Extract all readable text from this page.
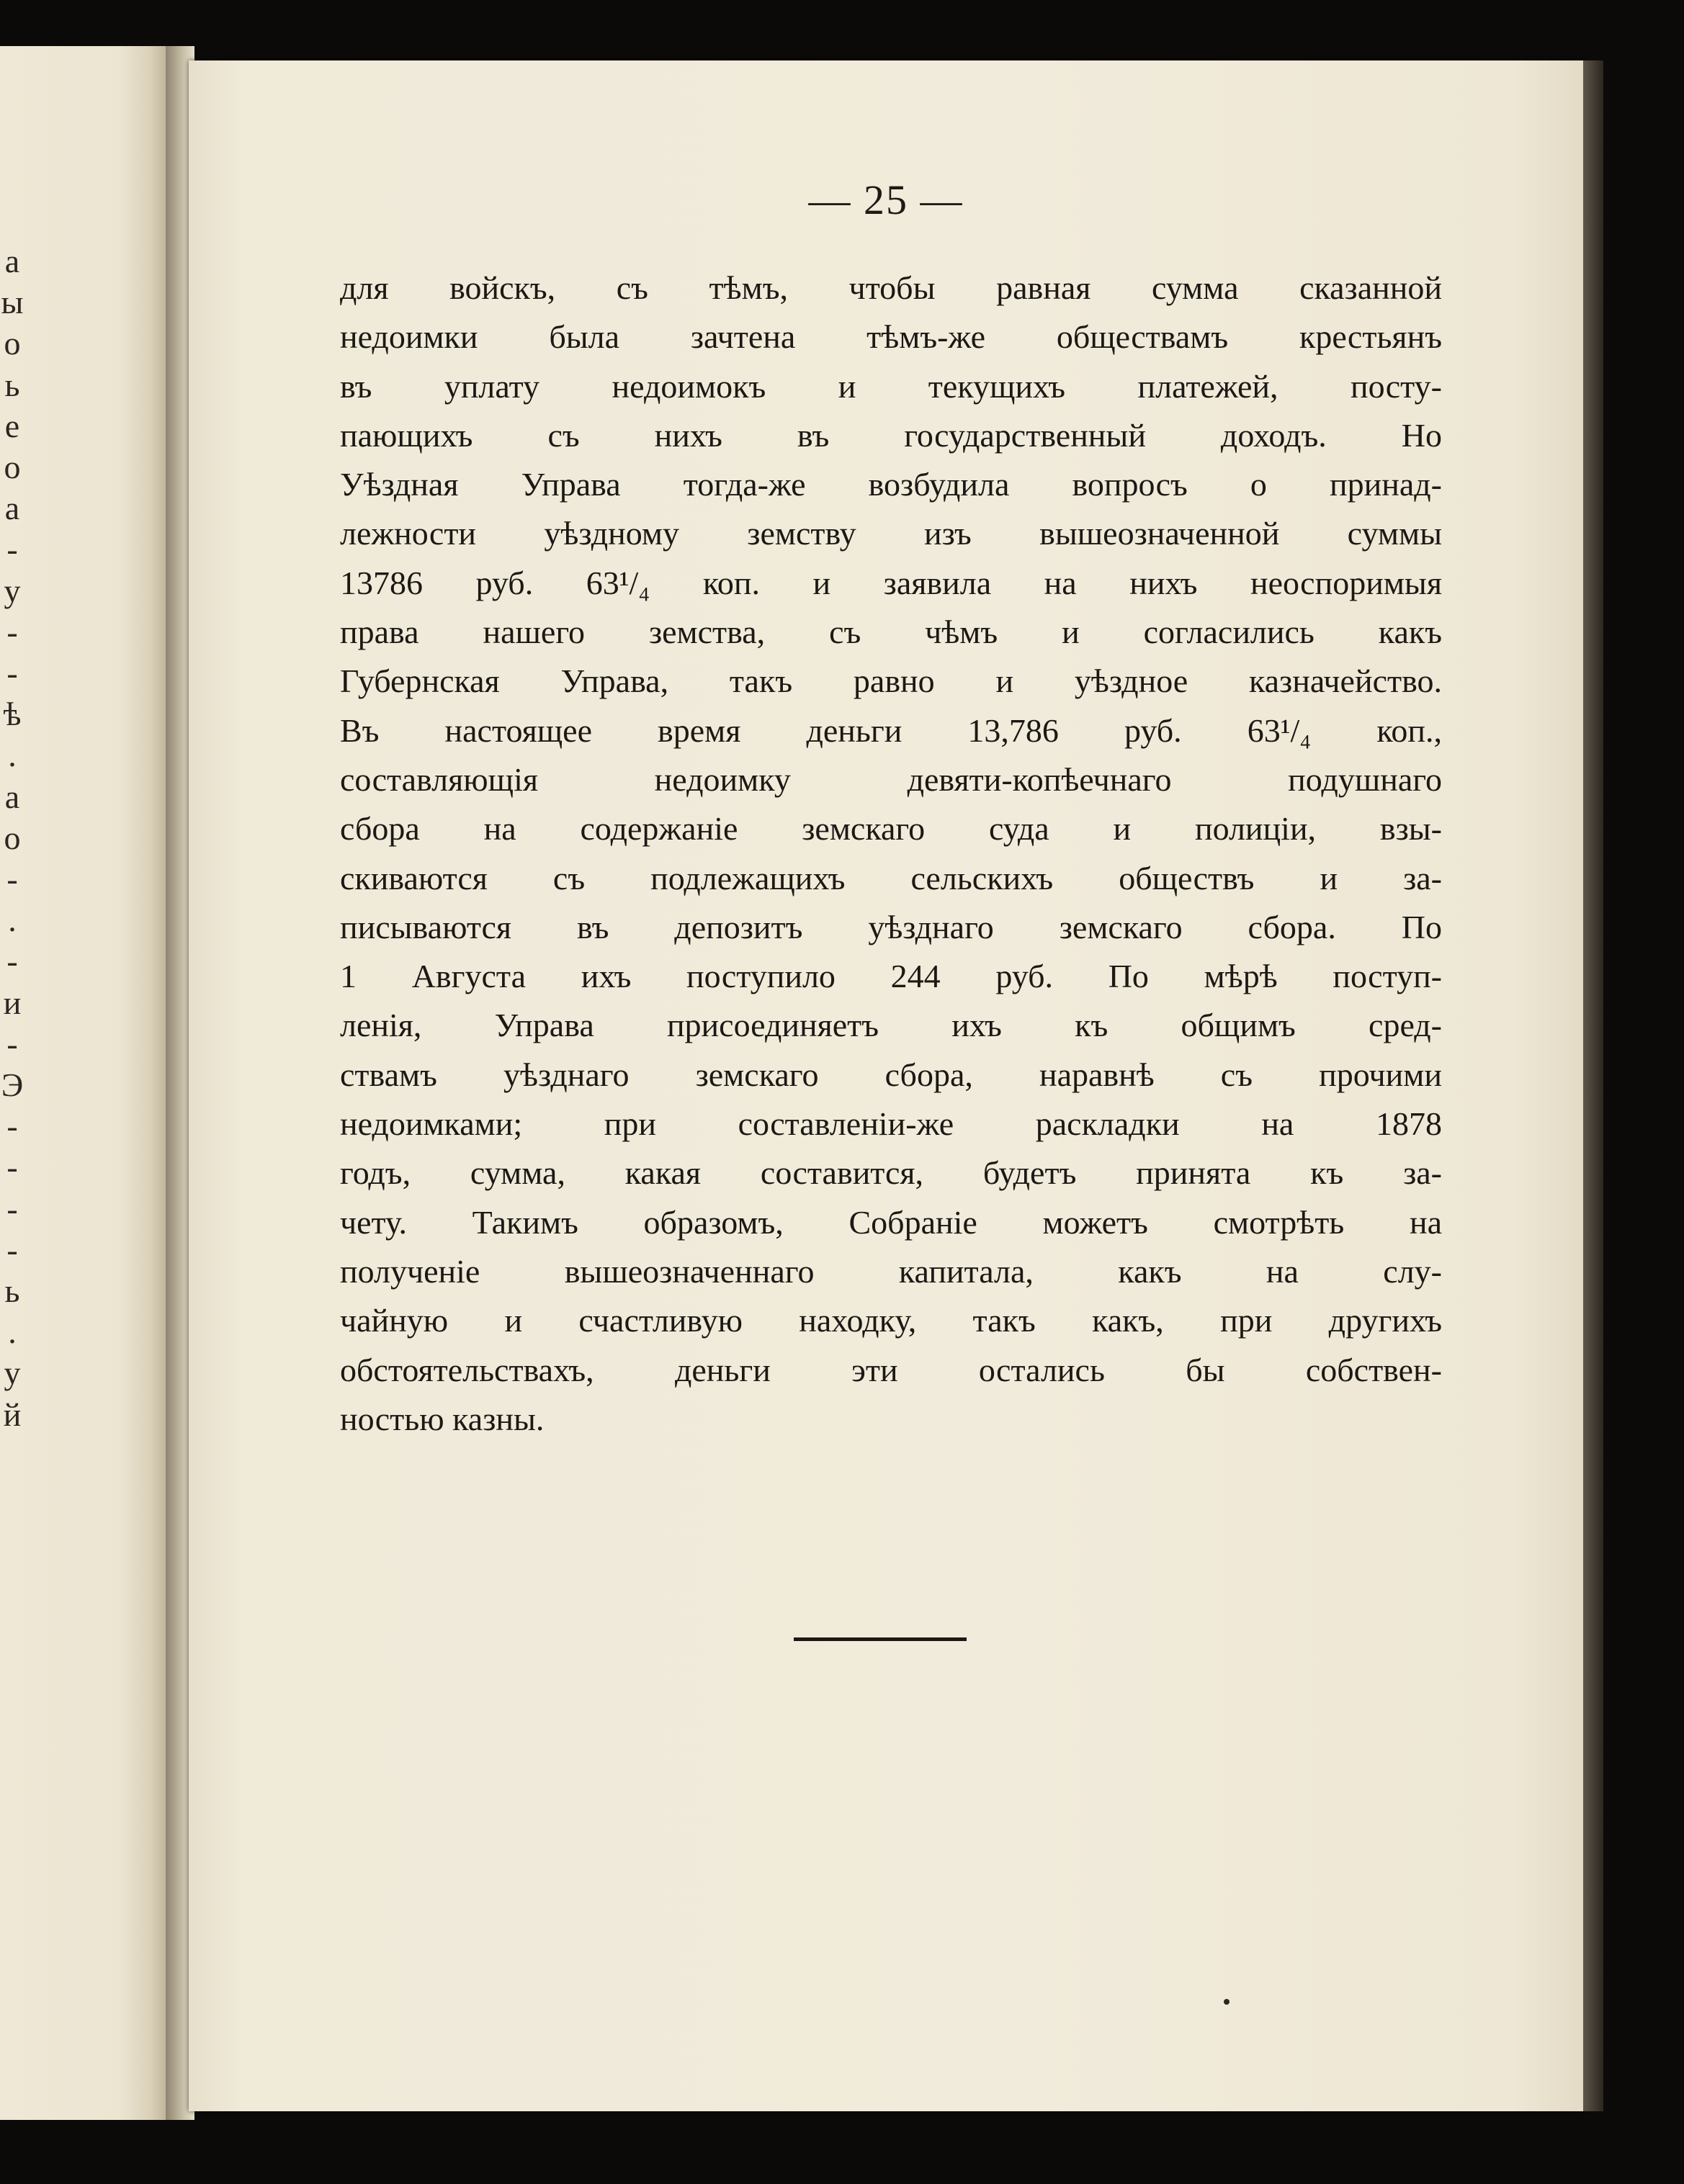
а
ы
о
ь
е
о
а
-
у
-
-
ѣ
.
а
о
-
.
-
и
-
Э
-
-
-
-
ь
.
у
й
— 25 —
для войскъ, съ тѣмъ, чтобы равная сумма сказанной
недоимки была зачтена тѣмъ-же обществамъ крестьянъ
въ уплату недоимокъ и текущихъ платежей, посту-
пающихъ съ нихъ въ государственный доходъ. Но
Уѣздная Управа тогда-же возбудила вопросъ о принад-
лежности уѣздному земству изъ вышеозначенной суммы
13786 руб. 63¹/₄ коп. и заявила на нихъ неоспоримыя
права нашего земства, съ чѣмъ и согласились какъ
Губернская Управа, такъ равно и уѣздное казначейство.
Въ настоящее время деньги 13,786 руб. 63¹/₄ коп.,
составляющія недоимку девяти-копѣечнаго подушнаго
сбора на содержаніе земскаго суда и полиціи, взы-
скиваются съ подлежащихъ сельскихъ обществъ и за-
писываются въ депозитъ уѣзднаго земскаго сбора. По
1 Августа ихъ поступило 244 руб. По мѣрѣ поступ-
ленія, Управа присоединяетъ ихъ къ общимъ сред-
ствамъ уѣзднаго земскаго сбора, наравнѣ съ прочими
недоимками; при составленіи-же раскладки на 1878
годъ, сумма, какая составится, будетъ принята къ за-
чету. Такимъ образомъ, Собраніе можетъ смотрѣть на
полученіе вышеозначеннаго капитала, какъ на слу-
чайную и счастливую находку, такъ какъ, при другихъ
обстоятельствахъ, деньги эти остались бы собствен-
ностью казны.
